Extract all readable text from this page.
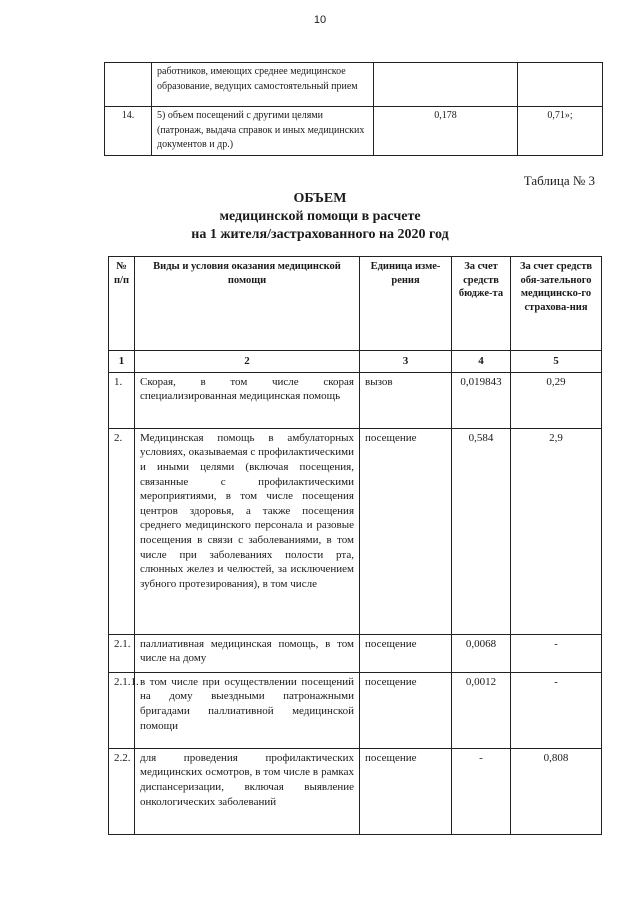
10
	работников, имеющих среднее медицинское образование, ведущих самостоятельный прием		
14.	5) объем посещений с другими целями (патронаж, выдача справок и иных медицинских документов и др.)	0,178	0,71»;
Таблица № 3
ОБЪЕМ
медицинской помощи в расчете
на 1 жителя/застрахованного на 2020 год
№ п/п	Виды и условия оказания медицинской помощи	Единица изме-рения	За счет средств бюдже-та	За счет средств обя-зательного медицинско-го страхова-ния
1	2	3	4	5
1.	Скорая, в том числе скорая специализированная медицинская помощь	вызов	0,019843	0,29
2.	Медицинская помощь в амбулаторных условиях, оказываемая с профилактическими и иными целями (включая посещения, связанные с профилактическими мероприятиями, в том числе посещения центров здоровья, а также посещения среднего медицинского персонала и разовые посещения в связи с заболеваниями, в том числе при заболеваниях полости рта, слюнных желез и челюстей, за исключением зубного протезирования), в том числе	посещение	0,584	2,9
2.1.	паллиативная медицинская помощь, в том числе на дому	посещение	0,0068	-
2.1.1.	в том числе при осуществлении посещений на дому выездными патронажными бригадами паллиативной медицинской помощи	посещение	0,0012	-
2.2.	для проведения профилактических медицинских осмотров, в том числе в рамках диспансеризации, включая выявление онкологических заболеваний	посещение	-	0,808
